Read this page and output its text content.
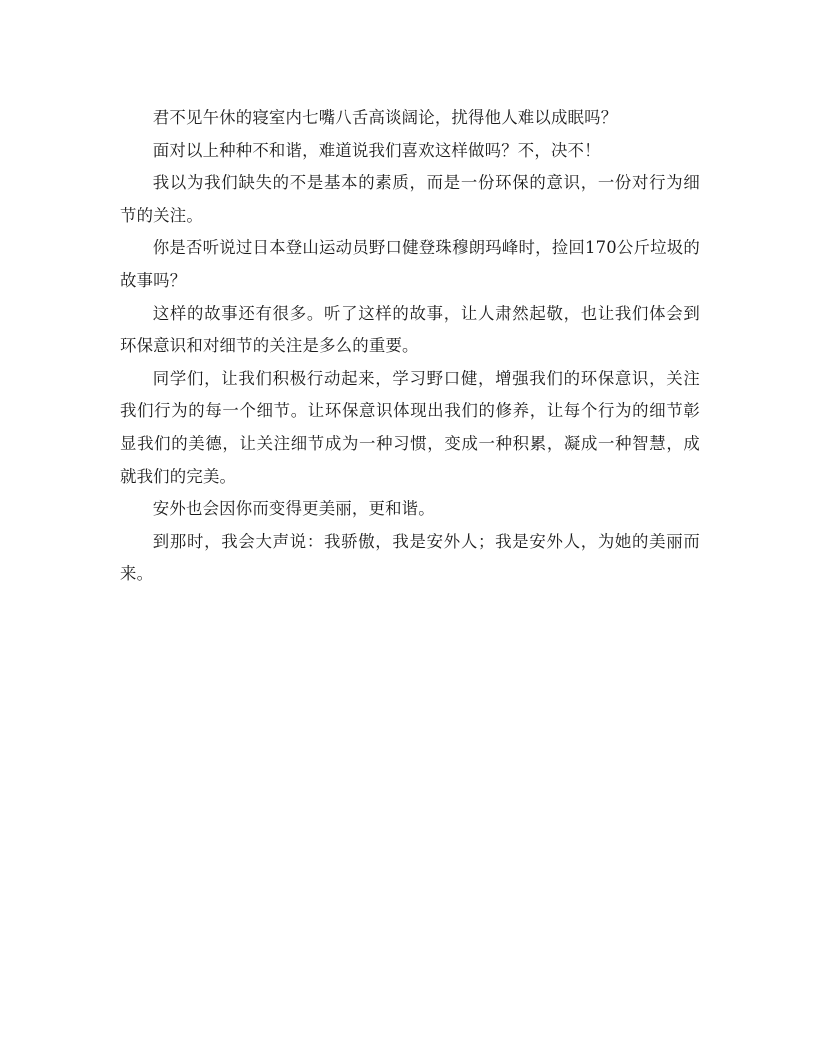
君不见午休的寝室内七嘴八舌高谈阔论，扰得他人难以成眠吗？

面对以上种种不和谐，难道说我们喜欢这样做吗？不，决不！

我以为我们缺失的不是基本的素质，而是一份环保的意识，一份对行为细节的关注。

你是否听说过日本登山运动员野口健登珠穆朗玛峰时，捡回170公斤垃圾的故事吗？

这样的故事还有很多。听了这样的故事，让人肃然起敬，也让我们体会到环保意识和对细节的关注是多么的重要。

同学们，让我们积极行动起来，学习野口健，增强我们的环保意识，关注我们行为的每一个细节。让环保意识体现出我们的修养，让每个行为的细节彰显我们的美德，让关注细节成为一种习惯，变成一种积累，凝成一种智慧，成就我们的完美。

安外也会因你而变得更美丽，更和谐。

到那时，我会大声说：我骄傲，我是安外人；我是安外人，为她的美丽而来。
